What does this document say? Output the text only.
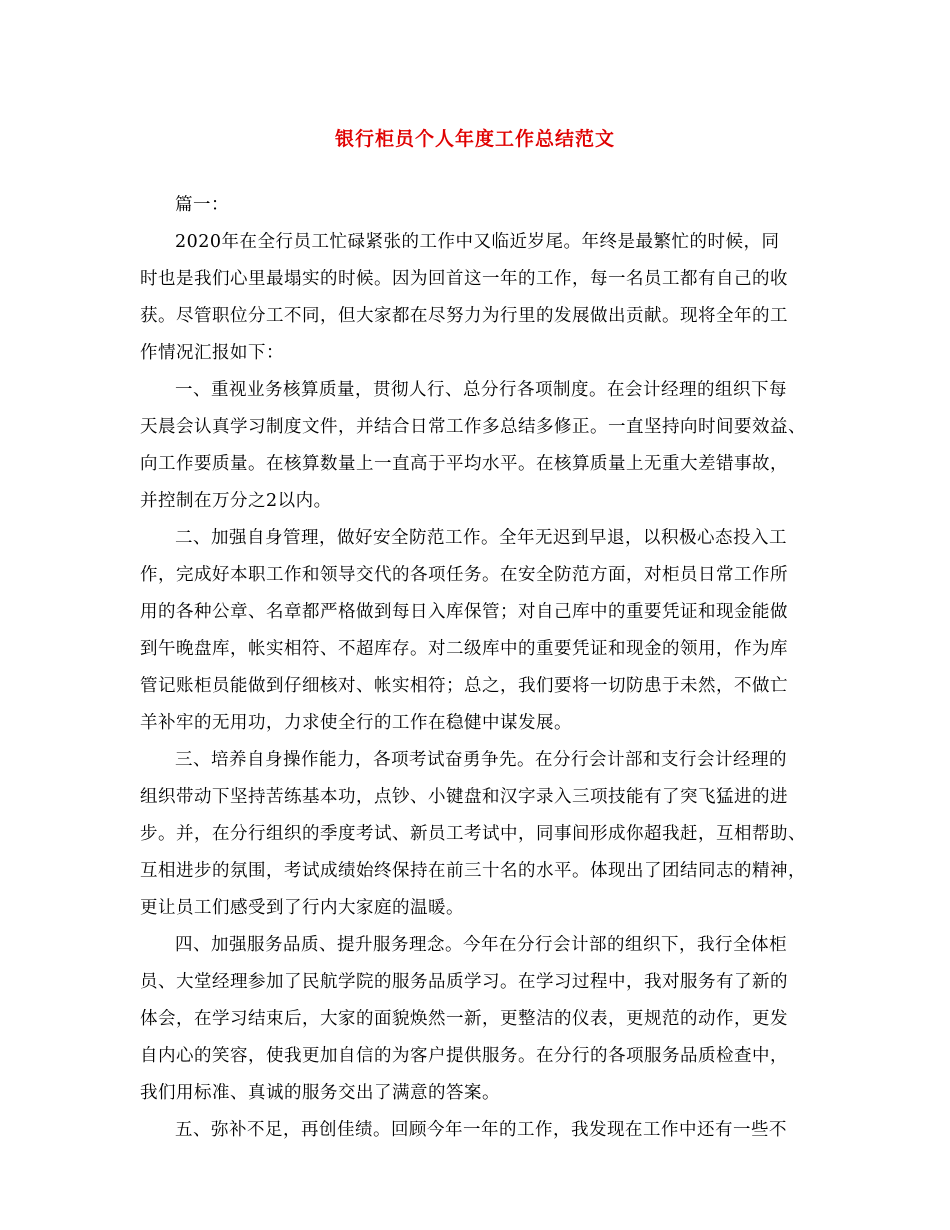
银行柜员个人年度工作总结范文
篇一：
2020年在全行员工忙碌紧张的工作中又临近岁尾。年终是最繁忙的时候，同
时也是我们心里最塌实的时候。因为回首这一年的工作，每一名员工都有自己的收
获。尽管职位分工不同，但大家都在尽努力为行里的发展做出贡献。现将全年的工
作情况汇报如下：
一、重视业务核算质量，贯彻人行、总分行各项制度。在会计经理的组织下每
天晨会认真学习制度文件，并结合日常工作多总结多修正。一直坚持向时间要效益、
向工作要质量。在核算数量上一直高于平均水平。在核算质量上无重大差错事故，
并控制在万分之2以内。
二、加强自身管理，做好安全防范工作。全年无迟到早退，以积极心态投入工
作，完成好本职工作和领导交代的各项任务。在安全防范方面，对柜员日常工作所
用的各种公章、名章都严格做到每日入库保管；对自己库中的重要凭证和现金能做
到午晚盘库，帐实相符、不超库存。对二级库中的重要凭证和现金的领用，作为库
管记账柜员能做到仔细核对、帐实相符；总之，我们要将一切防患于未然，不做亡
羊补牢的无用功，力求使全行的工作在稳健中谋发展。
三、培养自身操作能力，各项考试奋勇争先。在分行会计部和支行会计经理的
组织带动下坚持苦练基本功，点钞、小键盘和汉字录入三项技能有了突飞猛进的进
步。并，在分行组织的季度考试、新员工考试中，同事间形成你超我赶，互相帮助、
互相进步的氛围，考试成绩始终保持在前三十名的水平。体现出了团结同志的精神，
更让员工们感受到了行内大家庭的温暖。
四、加强服务品质、提升服务理念。今年在分行会计部的组织下，我行全体柜
员、大堂经理参加了民航学院的服务品质学习。在学习过程中，我对服务有了新的
体会，在学习结束后，大家的面貌焕然一新，更整洁的仪表，更规范的动作，更发
自内心的笑容，使我更加自信的为客户提供服务。在分行的各项服务品质检查中，
我们用标准、真诚的服务交出了满意的答案。
五、弥补不足，再创佳绩。回顾今年一年的工作，我发现在工作中还有一些不
